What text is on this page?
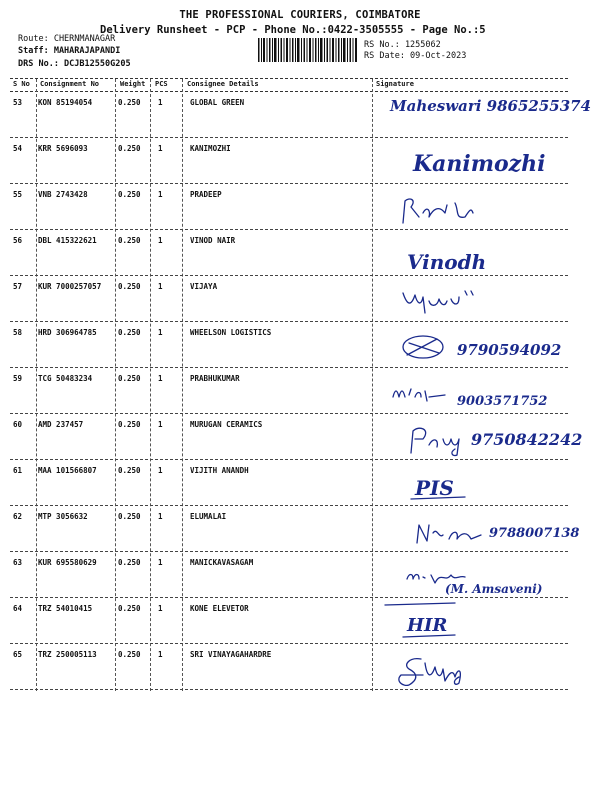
THE PROFESSIONAL COURIERS, COIMBATORE
Delivery Runsheet - PCP - Phone No.:0422-3505555 - Page No.:5
Route: CHERNMANAGAR
Staff: MAHARAJAPANDI
DRS No.: DCJB12550G205
RS No.: 1255062
RS Date: 09-Oct-2023
S No Consignment No	Weight PCS	Consignee Details	Signature
53 KON 85194054	0.250 1	GLOBAL GREEN	Maheswari 9865255374
54 KRR 5696093	0.250 1	KANIMOZHI
Kanimozhi
55 VNB 2743428	0.250 1	PRADEEP
56 DBL 415322621	0.250 1	VINOD NAIR
Vinodh
57 KUR 7000257057 0.250 1	VIJAYA
58 HRD 306964785	0.250 1	WHEELSON LOGISTICS
9790594092
59 TCG 50483234	0.250 1	PRABHUKUMAR
9003571752
60 AMD 237457	0.250 1	MURUGAN CERAMICS
9750842242
61 MAA 101566807	0.250 1	VIJITH ANANDH
PIS
62 MTP 3056632	0.250 1	ELUMALAI
9788007138
63 KUR 695580629	0.250 1	MANICKAVASAGAM
(M. Amsaveni)
64 TRZ 54010415	0.250 1	KONE ELEVETOR
HIR
65 TRZ 250005113	0.250 1	SRI VINAYAGAHARDRE
